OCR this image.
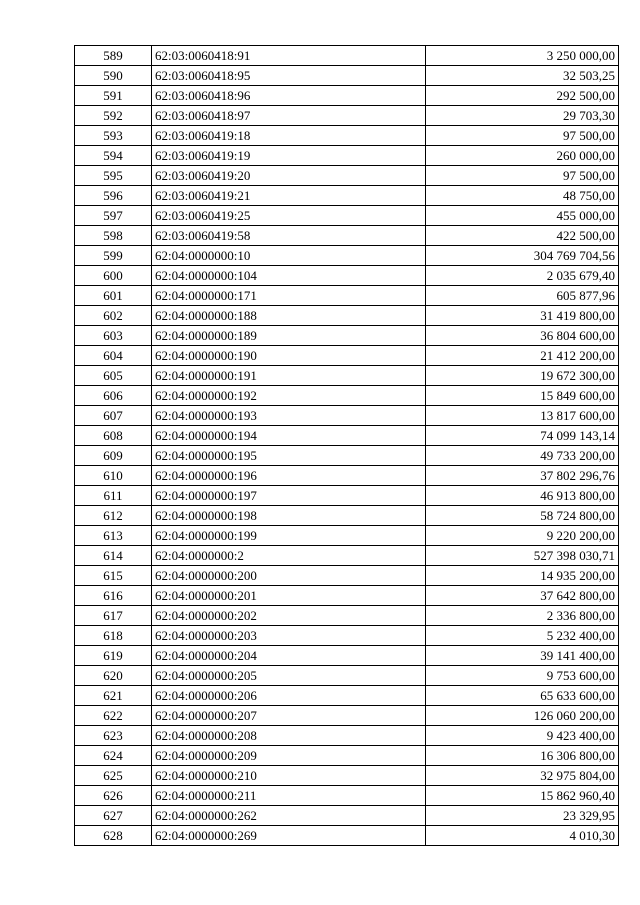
589	62:03:0060418:91	3 250 000,00
590	62:03:0060418:95	32 503,25
591	62:03:0060418:96	292 500,00
592	62:03:0060418:97	29 703,30
593	62:03:0060419:18	97 500,00
594	62:03:0060419:19	260 000,00
595	62:03:0060419:20	97 500,00
596	62:03:0060419:21	48 750,00
597	62:03:0060419:25	455 000,00
598	62:03:0060419:58	422 500,00
599	62:04:0000000:10	304 769 704,56
600	62:04:0000000:104	2 035 679,40
601	62:04:0000000:171	605 877,96
602	62:04:0000000:188	31 419 800,00
603	62:04:0000000:189	36 804 600,00
604	62:04:0000000:190	21 412 200,00
605	62:04:0000000:191	19 672 300,00
606	62:04:0000000:192	15 849 600,00
607	62:04:0000000:193	13 817 600,00
608	62:04:0000000:194	74 099 143,14
609	62:04:0000000:195	49 733 200,00
610	62:04:0000000:196	37 802 296,76
611	62:04:0000000:197	46 913 800,00
612	62:04:0000000:198	58 724 800,00
613	62:04:0000000:199	9 220 200,00
614	62:04:0000000:2	527 398 030,71
615	62:04:0000000:200	14 935 200,00
616	62:04:0000000:201	37 642 800,00
617	62:04:0000000:202	2 336 800,00
618	62:04:0000000:203	5 232 400,00
619	62:04:0000000:204	39 141 400,00
620	62:04:0000000:205	9 753 600,00
621	62:04:0000000:206	65 633 600,00
622	62:04:0000000:207	126 060 200,00
623	62:04:0000000:208	9 423 400,00
624	62:04:0000000:209	16 306 800,00
625	62:04:0000000:210	32 975 804,00
626	62:04:0000000:211	15 862 960,40
627	62:04:0000000:262	23 329,95
628	62:04:0000000:269	4 010,30
